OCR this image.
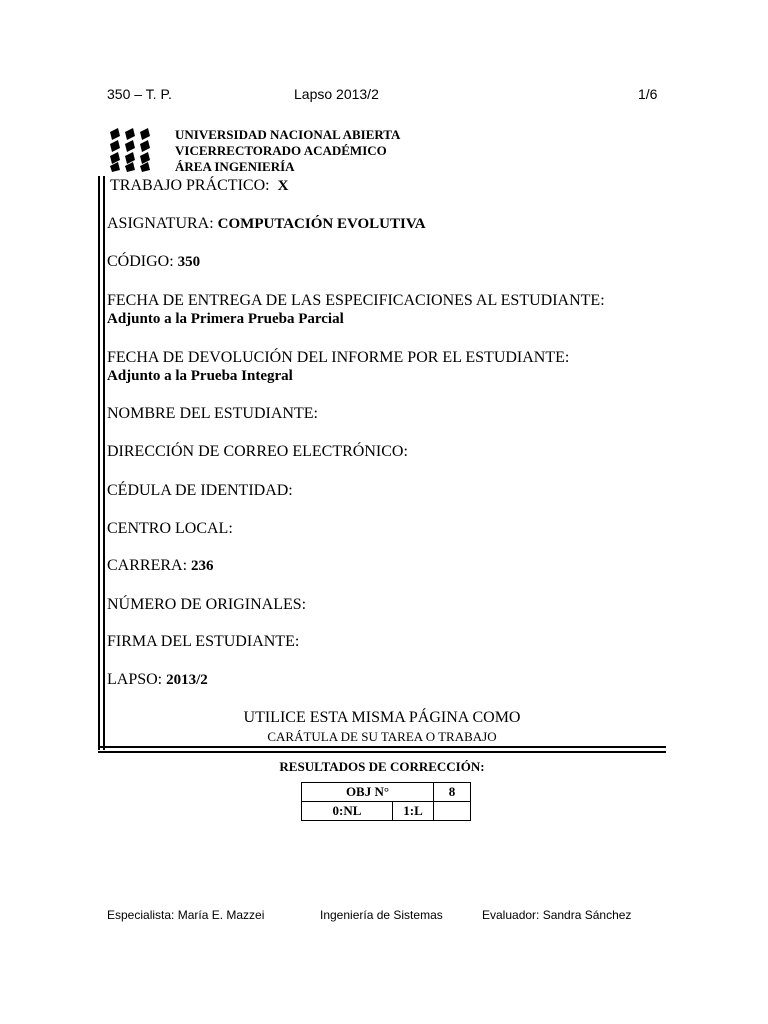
350 – T. P.	Lapso 2013/2	1/6
UNIVERSIDAD NACIONAL ABIERTA
VICERRECTORADO ACADÉMICO
ÁREA INGENIERÍA
TRABAJO PRÁCTICO: X
ASIGNATURA: COMPUTACIÓN EVOLUTIVA
CÓDIGO: 350
FECHA DE ENTREGA DE LAS ESPECIFICACIONES AL ESTUDIANTE:
Adjunto a la Primera Prueba Parcial
FECHA DE DEVOLUCIÓN DEL INFORME POR EL ESTUDIANTE:
Adjunto a la Prueba Integral
NOMBRE DEL ESTUDIANTE:
DIRECCIÓN DE CORREO ELECTRÓNICO:
CÉDULA DE IDENTIDAD:
CENTRO LOCAL:
CARRERA: 236
NÚMERO DE ORIGINALES:
FIRMA DEL ESTUDIANTE:
LAPSO: 2013/2
UTILICE ESTA MISMA PÁGINA COMO
CARÁTULA DE SU TAREA O TRABAJO
RESULTADOS DE CORRECCIÓN:
OBJ N°		8
0:NL	1:L	
Especialista: María E. Mazzei	Ingeniería de Sistemas	Evaluador: Sandra Sánchez
